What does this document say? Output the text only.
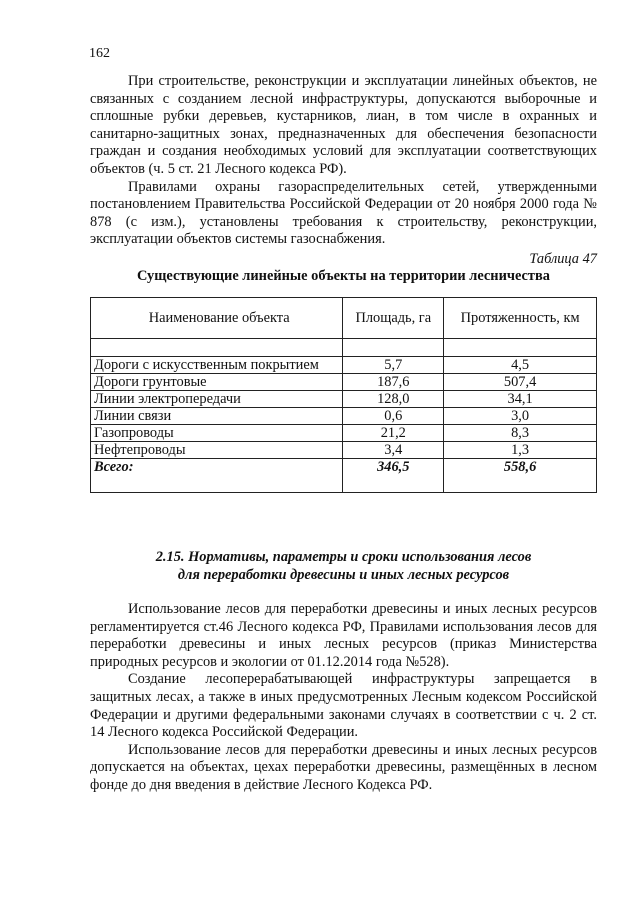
162

При строительстве, реконструкции и эксплуатации линейных объектов, не связанных с созданием лесной инфраструктуры, допускаются выборочные и сплошные рубки деревьев, кустарников, лиан, в том числе в охранных и санитарно-защитных зонах, предназначенных для обеспечения безопасности граждан и создания необходимых условий для эксплуатации соответствующих объектов (ч. 5 ст. 21 Лесного кодекса РФ).

Правилами охраны газораспределительных сетей, утвержденными постановлением Правительства Российской Федерации от 20 ноября 2000 года № 878 (с изм.), установлены требования к строительству, реконструкции, эксплуатации объектов системы газоснабжения.

Таблица 47
Существующие линейные объекты на территории лесничества
Наименование объекта	Площадь, га	Протяженность, км

Дороги с искусственным покрытием	5,7	4,5
Дороги грунтовые	187,6	507,4
Линии электропередачи	128,0	34,1
Линии связи	0,6	3,0
Газопроводы	21,2	8,3
Нефтепроводы	3,4	1,3
Всего:	346,5	558,6
2.15. Нормативы, параметры и сроки использования лесов
для переработки древесины и иных лесных ресурсов

Использование лесов для переработки древесины и иных лесных ресурсов регламентируется ст.46 Лесного кодекса РФ, Правилами использования лесов для переработки древесины и иных лесных ресурсов (приказ Министерства природных ресурсов и экологии от 01.12.2014 года №528).

Создание лесоперерабатывающей инфраструктуры запрещается в защитных лесах, а также в иных предусмотренных Лесным кодексом Российской Федерации и другими федеральными законами случаях в соответствии с ч. 2 ст. 14 Лесного кодекса Российской Федерации.

Использование лесов для переработки древесины и иных лесных ресурсов допускается на объектах, цехах переработки древесины, размещённых в лесном фонде до дня введения в действие Лесного Кодекса РФ.
